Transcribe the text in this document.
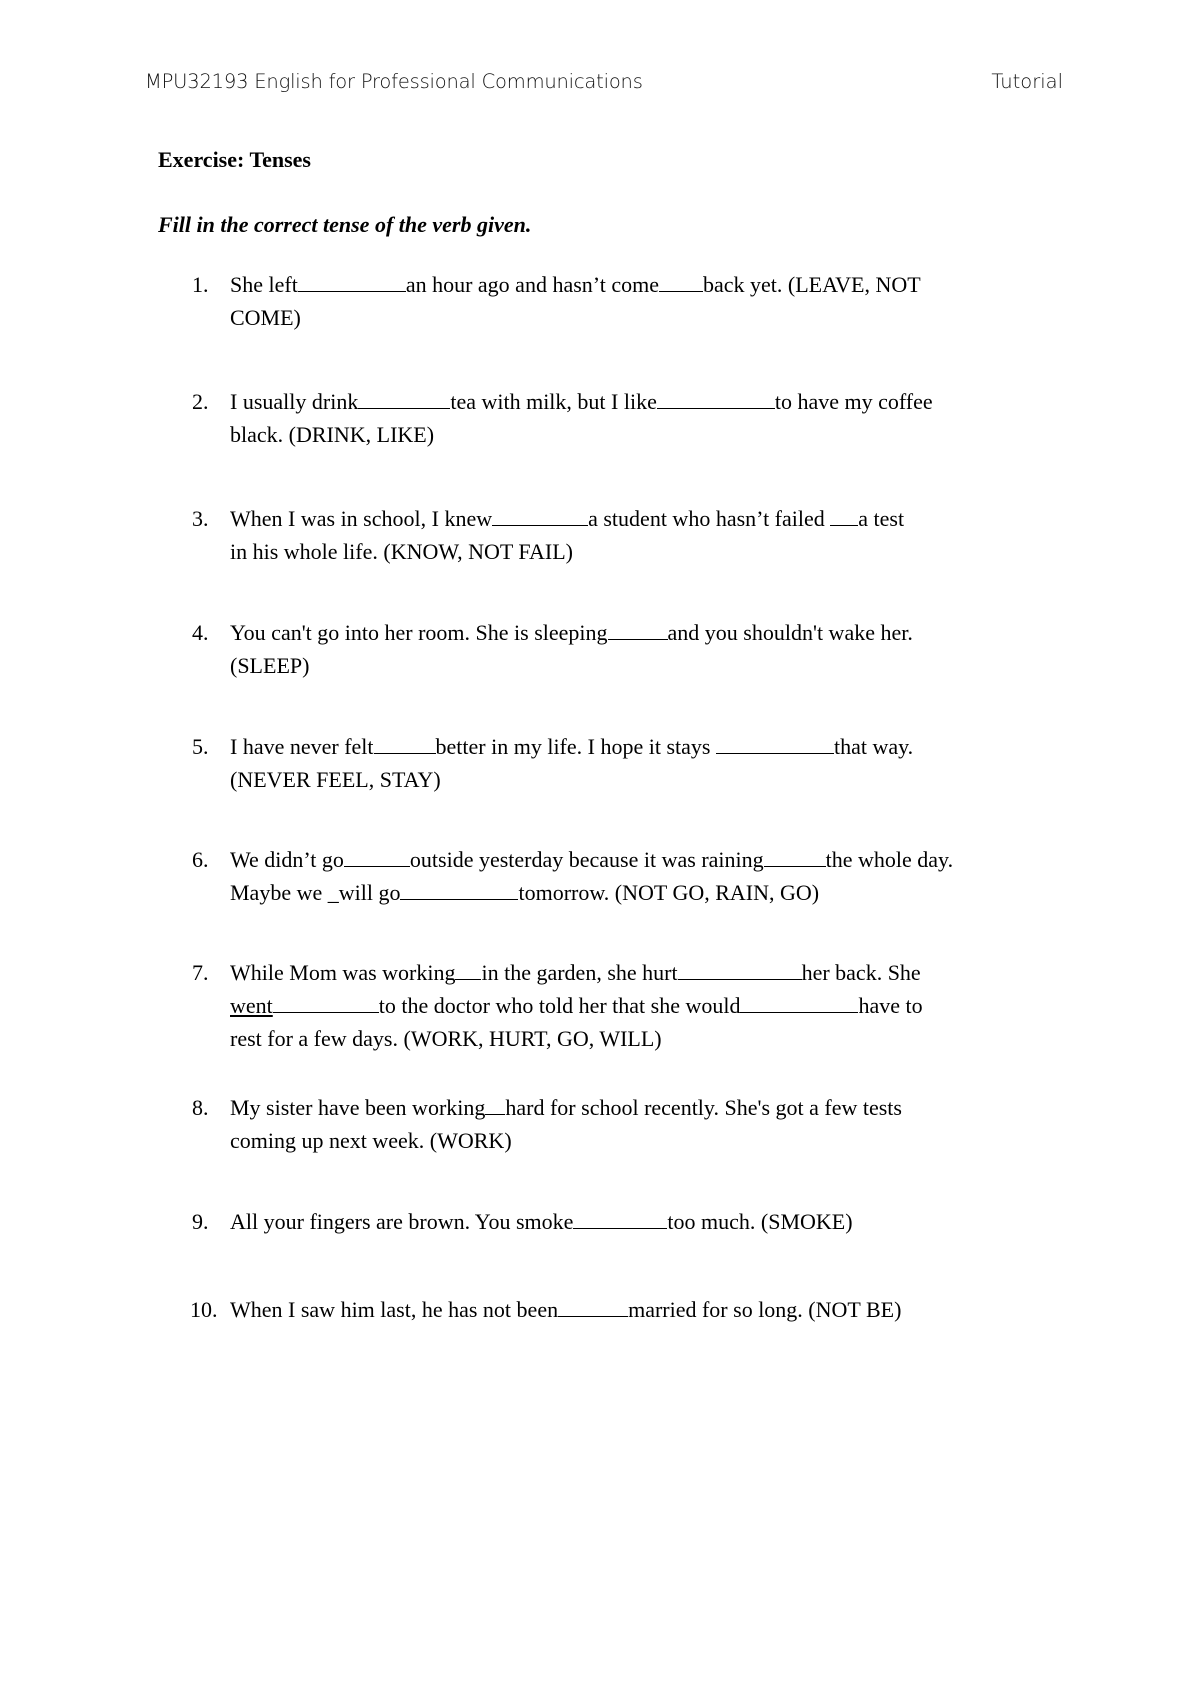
MPU32193 English for Professional Communications	Tutorial
Exercise: Tenses
Fill in the correct tense of the verb given.
1. She left	an hour ago and hasn’t come back yet. (LEAVE, NOT
COME)
2. I usually drink	tea with milk, but I like	to have my coffee
black. (DRINK, LIKE)
3. When I was in school, I knew	a student who hasn’t failed a test
in his whole life. (KNOW, NOT FAIL)
4. You can't go into her room. She is sleeping	and you shouldn't wake her.
(SLEEP)
5. I have never felt	better in my life. I hope it stays	that way.
(NEVER FEEL, STAY)
6. We didn’t go	outside yesterday because it was raining	the whole day.
Maybe we _will go	tomorrow. (NOT GO, RAIN, GO)
7. While Mom was working in the garden, she hurt	her back. She
went	to the doctor who told her that she would	have to
rest for a few days. (WORK, HURT, GO, WILL)
8. My sister have been working hard for school recently. She's got a few tests
coming up next week. (WORK)
9. All your fingers are brown. You smoke	too much. (SMOKE)
10. When I saw him last, he has not been	married for so long. (NOT BE)
